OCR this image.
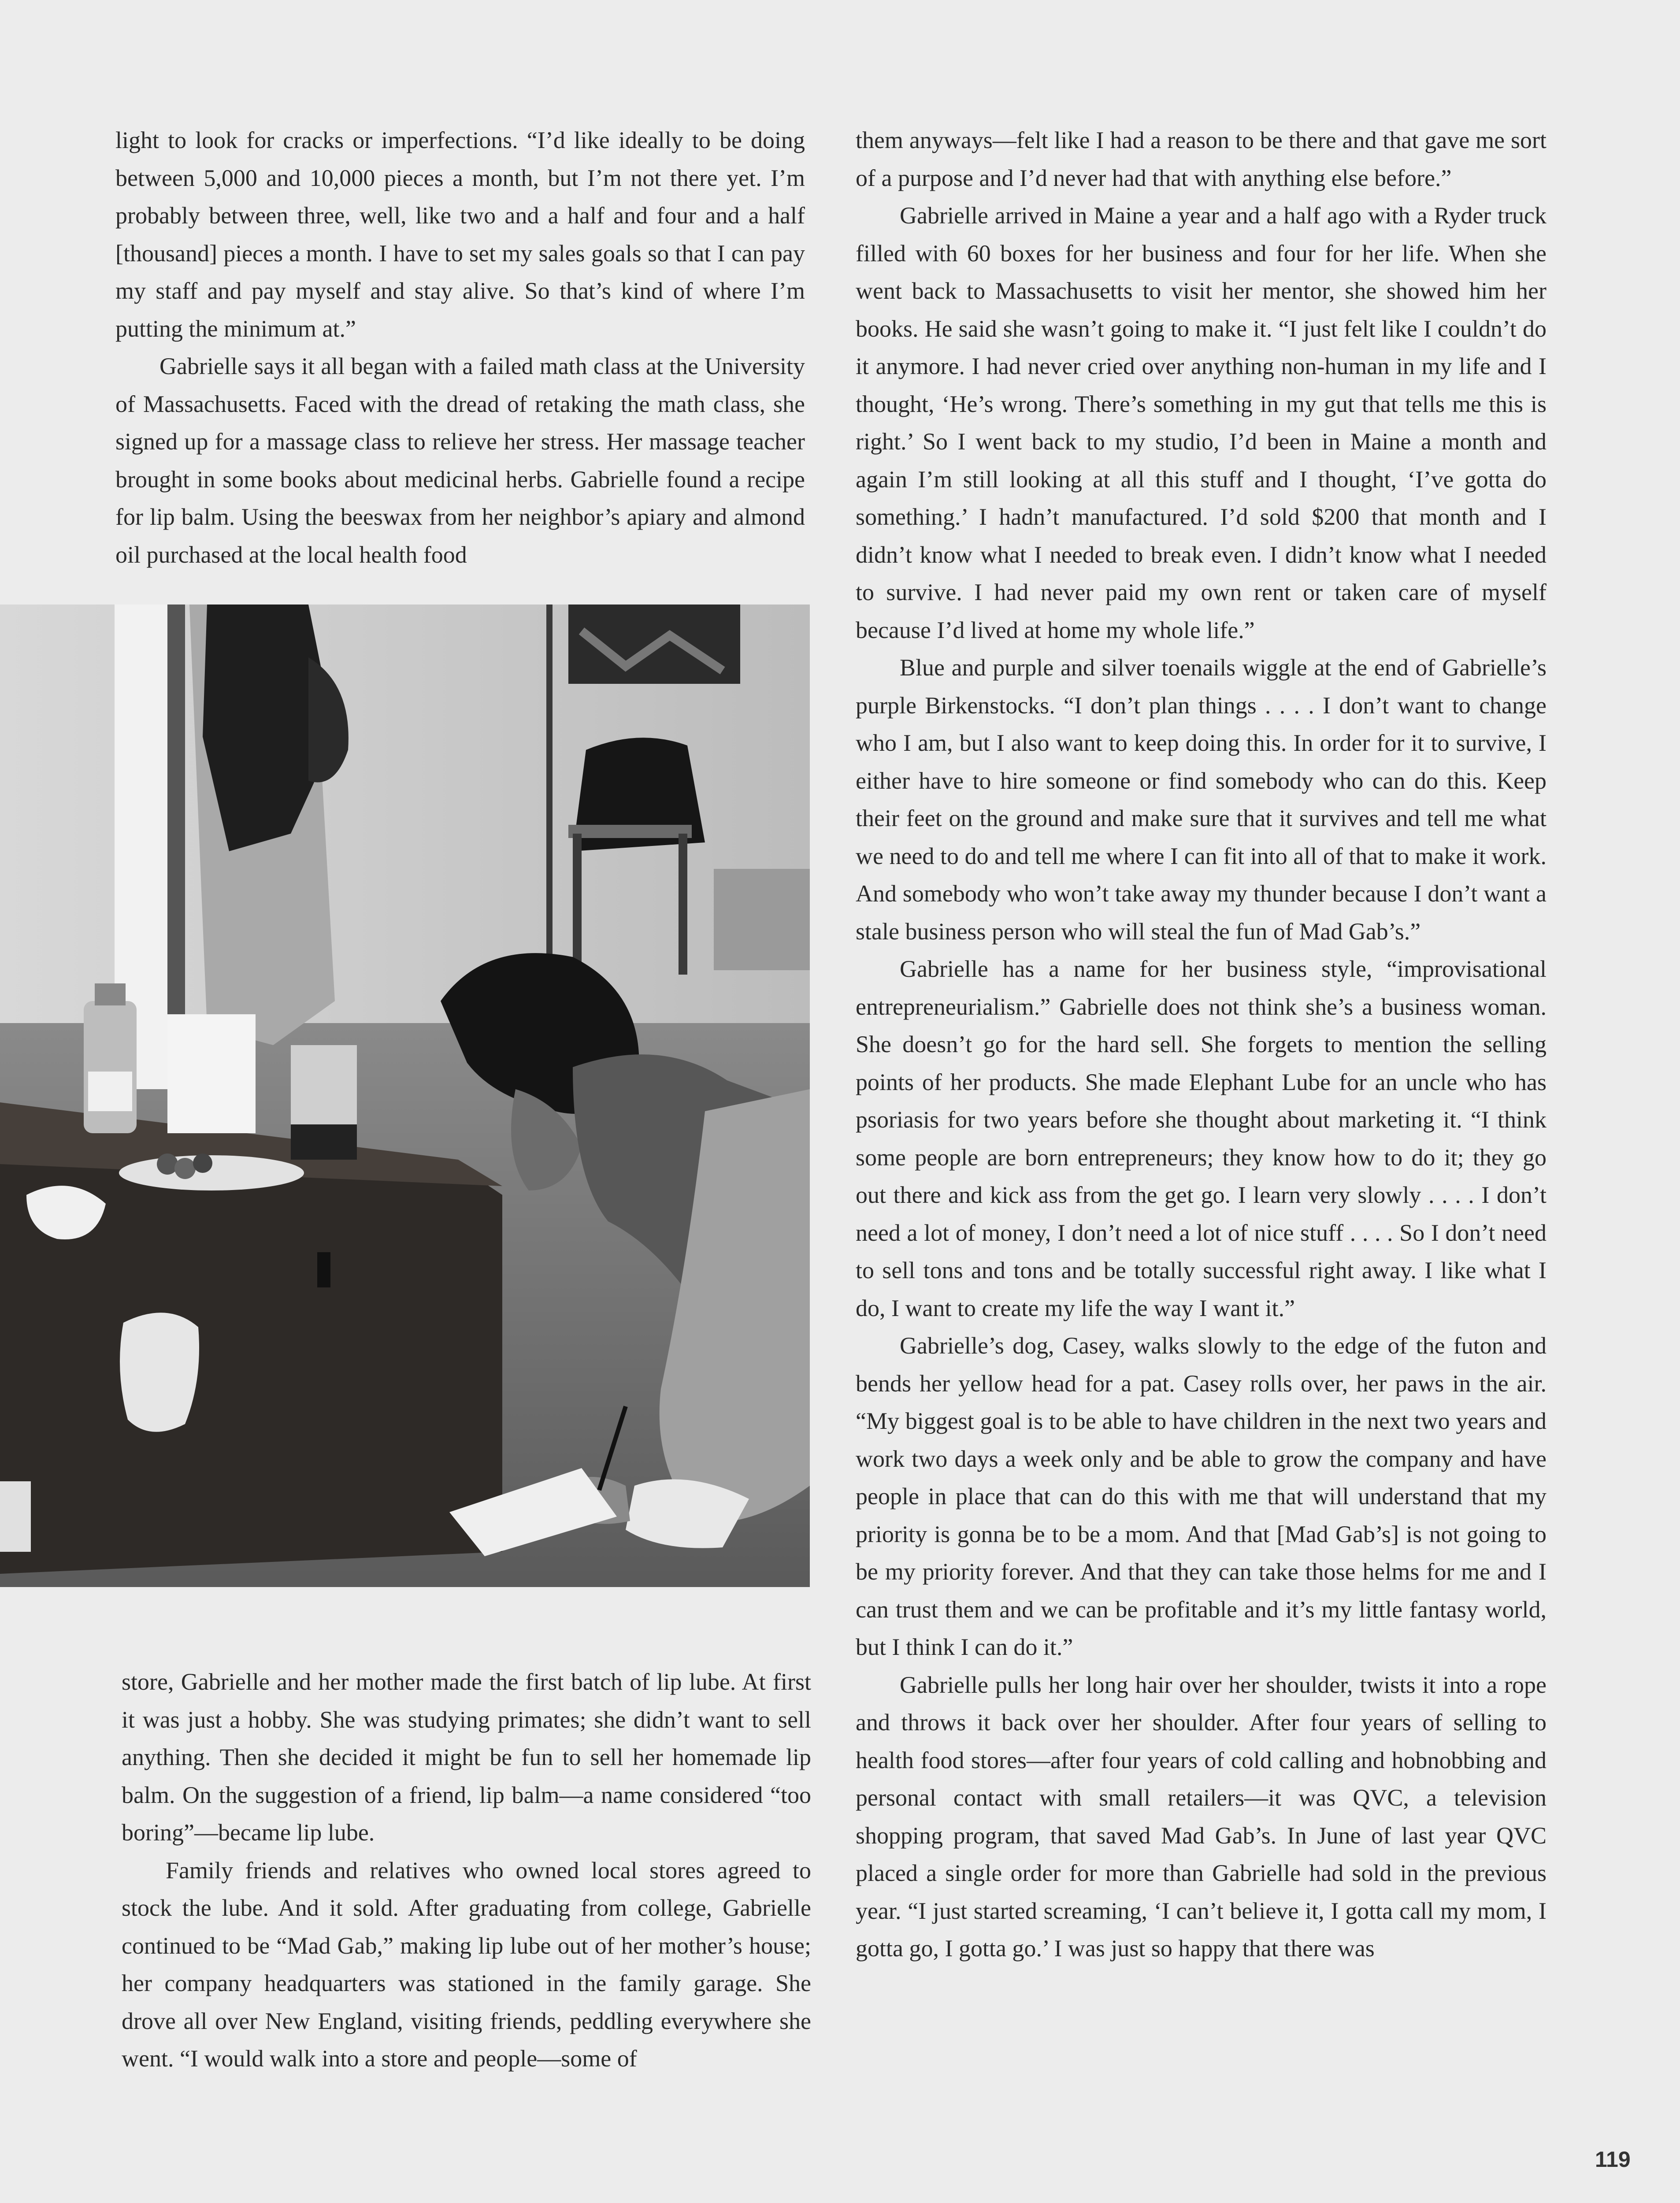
light to look for cracks or imperfections. “I’d like ideally to be doing between 5,000 and 10,000 pieces a month, but I’m not there yet. I’m probably between three, well, like two and a half and four and a half [thousand] pieces a month. I have to set my sales goals so that I can pay my staff and pay myself and stay alive. So that’s kind of where I’m putting the minimum at.”

Gabrielle says it all began with a failed math class at the University of Massachusetts. Faced with the dread of retaking the math class, she signed up for a massage class to relieve her stress. Her massage teacher brought in some books about medicinal herbs. Gabrielle found a recipe for lip balm. Using the beeswax from her neighbor’s apiary and almond oil purchased at the local health food

store, Gabrielle and her mother made the first batch of lip lube. At first it was just a hobby. She was studying primates; she didn’t want to sell anything. Then she decided it might be fun to sell her homemade lip balm. On the suggestion of a friend, lip balm—a name considered “too boring”—became lip lube.

Family friends and relatives who owned local stores agreed to stock the lube. And it sold. After graduating from college, Gabrielle continued to be “Mad Gab,” making lip lube out of her mother’s house; her company headquarters was stationed in the family garage. She drove all over New England, visiting friends, peddling everywhere she went. “I would walk into a store and people—some of

them anyways—felt like I had a reason to be there and that gave me sort of a purpose and I’d never had that with anything else before.”

Gabrielle arrived in Maine a year and a half ago with a Ryder truck filled with 60 boxes for her business and four for her life. When she went back to Massachusetts to visit her mentor, she showed him her books. He said she wasn’t going to make it. “I just felt like I couldn’t do it anymore. I had never cried over anything non-human in my life and I thought, ‘He’s wrong. There’s something in my gut that tells me this is right.’ So I went back to my studio, I’d been in Maine a month and again I’m still looking at all this stuff and I thought, ‘I’ve gotta do something.’ I hadn’t manufactured. I’d sold $200 that month and I didn’t know what I needed to break even. I didn’t know what I needed to survive. I had never paid my own rent or taken care of myself because I’d lived at home my whole life.”

Blue and purple and silver toenails wiggle at the end of Gabrielle’s purple Birkenstocks. “I don’t plan things . . . . I don’t want to change who I am, but I also want to keep doing this. In order for it to survive, I either have to hire someone or find somebody who can do this. Keep their feet on the ground and make sure that it survives and tell me what we need to do and tell me where I can fit into all of that to make it work. And somebody who won’t take away my thunder because I don’t want a stale business person who will steal the fun of Mad Gab’s.”

Gabrielle has a name for her business style, “improvisational entrepreneurialism.” Gabrielle does not think she’s a business woman. She doesn’t go for the hard sell. She forgets to mention the selling points of her products. She made Elephant Lube for an uncle who has psoriasis for two years before she thought about marketing it. “I think some people are born entrepreneurs; they know how to do it; they go out there and kick ass from the get go. I learn very slowly . . . . I don’t need a lot of money, I don’t need a lot of nice stuff . . . . So I don’t need to sell tons and tons and be totally successful right away. I like what I do, I want to create my life the way I want it.”

Gabrielle’s dog, Casey, walks slowly to the edge of the futon and bends her yellow head for a pat. Casey rolls over, her paws in the air. “My biggest goal is to be able to have children in the next two years and work two days a week only and be able to grow the company and have people in place that can do this with me that will understand that my priority is gonna be to be a mom. And that [Mad Gab’s] is not going to be my priority forever. And that they can take those helms for me and I can trust them and we can be profitable and it’s my little fantasy world, but I think I can do it.”

Gabrielle pulls her long hair over her shoulder, twists it into a rope and throws it back over her shoulder. After four years of selling to health food stores—after four years of cold calling and hobnobbing and personal contact with small retailers—it was QVC, a television shopping program, that saved Mad Gab’s. In June of last year QVC placed a single order for more than Gabrielle had sold in the previous year. “I just started screaming, ‘I can’t believe it, I gotta call my mom, I gotta go, I gotta go.’ I was just so happy that there was

119
